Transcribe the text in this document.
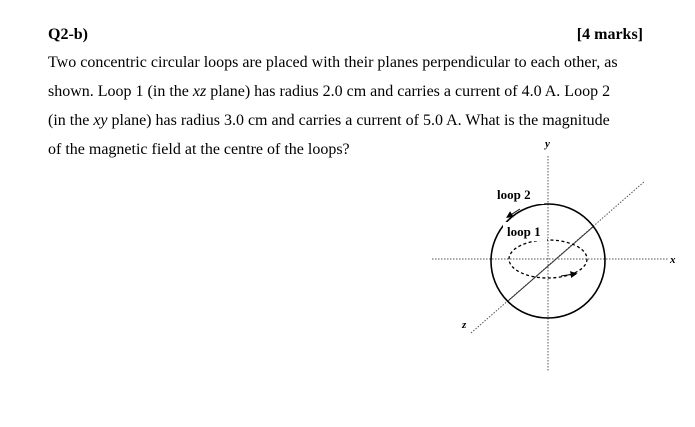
Q2-b)	[4 marks]
Two concentric circular loops are placed with their planes perpendicular to each other, as
shown. Loop 1 (in the xz plane) has radius 2.0 cm and carries a current of 4.0 A. Loop 2
(in the xy plane) has radius 3.0 cm and carries a current of 5.0 A. What is the magnitude
of the magnetic field at the centre of the loops?
loop 2
loop 1
x
y
z
